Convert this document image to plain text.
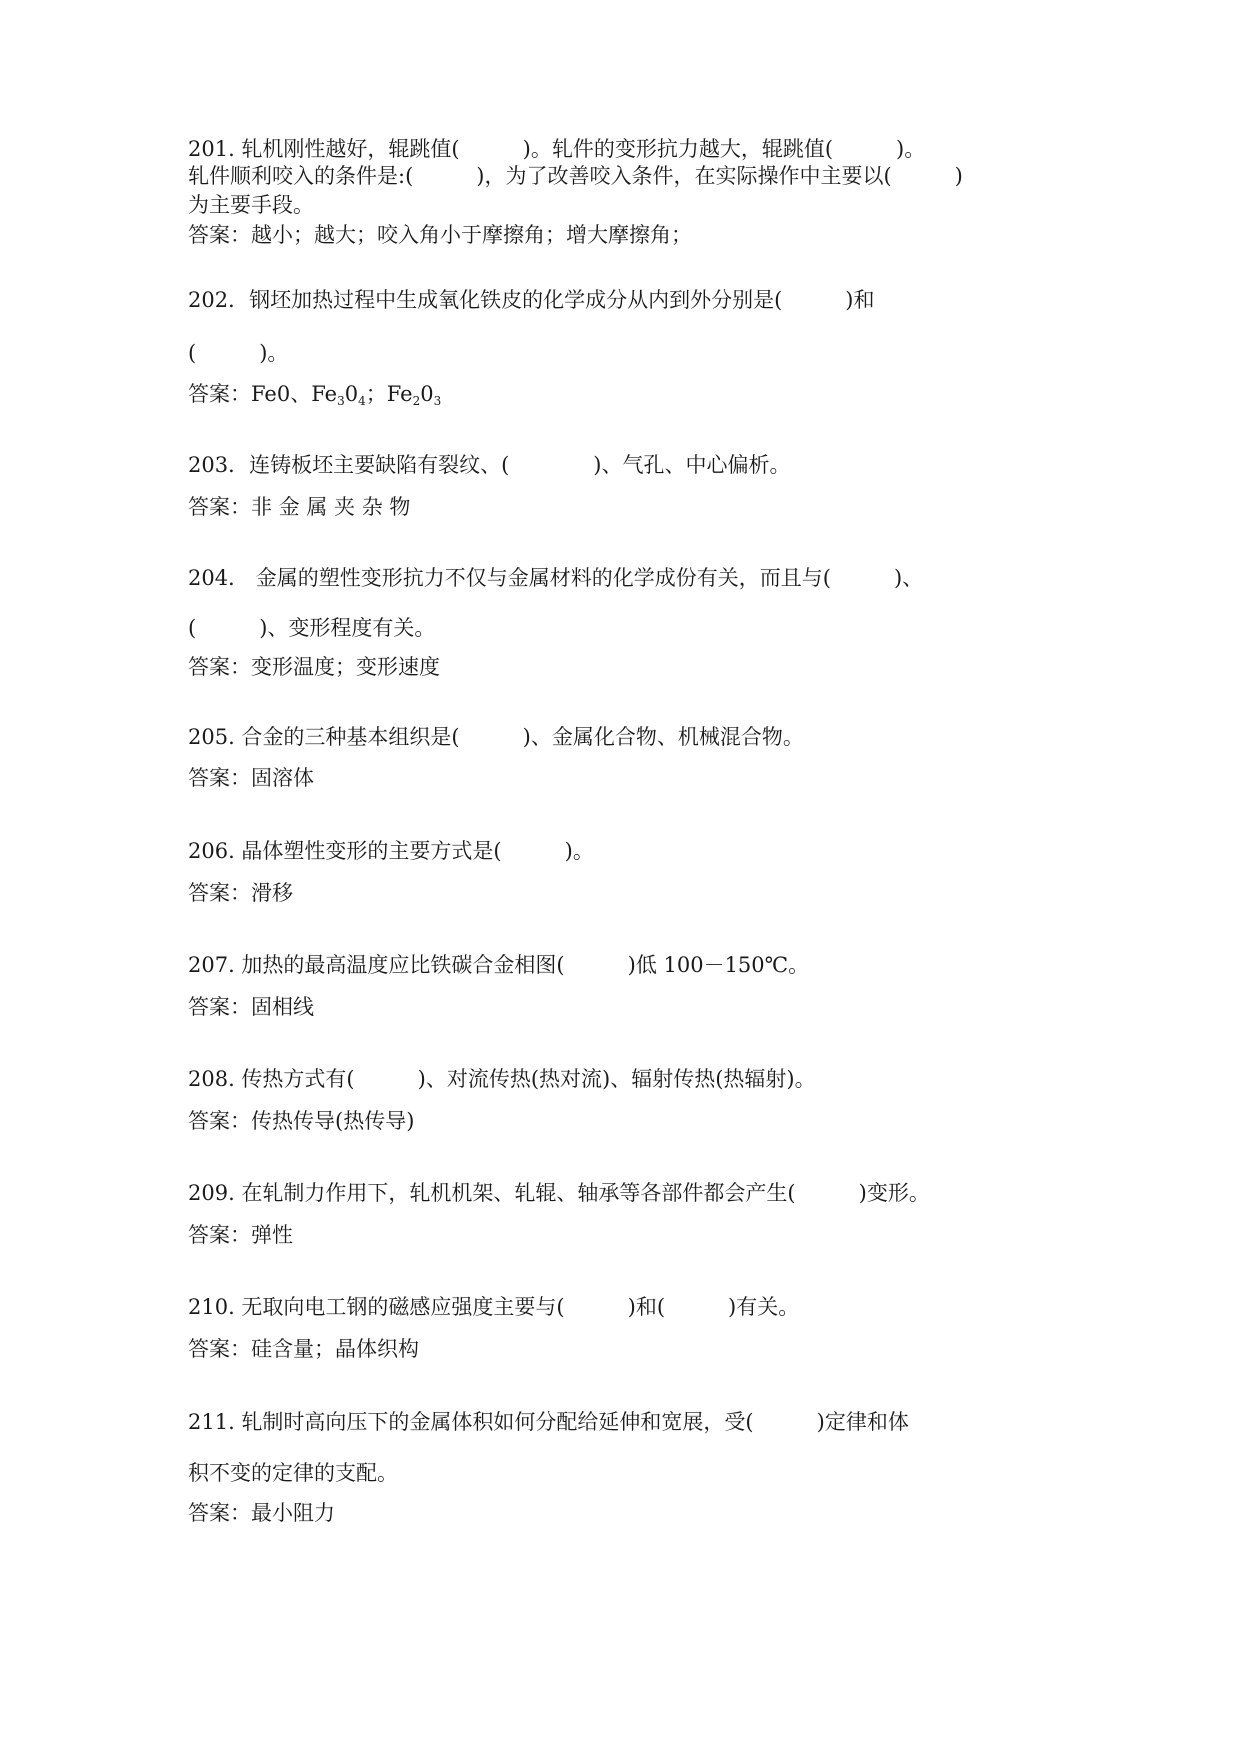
201. 轧机刚性越好，辊跳值(　　　)。轧件的变形抗力越大，辊跳值(　　　)。
轧件顺利咬入的条件是:(　　　)，为了改善咬入条件，在实际操作中主要以(　　　)
为主要手段。
答案：越小；越大；咬入角小于摩擦角；增大摩擦角；
202．钢坯加热过程中生成氧化铁皮的化学成分从内到外分别是(　　　)和
(　　　)。
答案：Fe0、$Fe_30_4$；$Fe_20_3$
203．连铸板坯主要缺陷有裂纹、(　　　　)、气孔、中心偏析。
答案：非 金 属 夹 杂 物
204． 金属的塑性变形抗力不仅与金属材料的化学成份有关，而且与(　　　)、
(　　　)、变形程度有关。
答案：变形温度；变形速度
205. 合金的三种基本组织是(　　　)、金属化合物、机械混合物。
答案：固溶体
206. 晶体塑性变形的主要方式是(　　　)。
答案：滑移
207. 加热的最高温度应比铁碳合金相图(　　　)低 100－150℃。
答案：固相线
208. 传热方式有(　　　)、对流传热(热对流)、辐射传热(热辐射)。
答案：传热传导(热传导)
209. 在轧制力作用下，轧机机架、轧辊、轴承等各部件都会产生(　　　)变形。
答案：弹性
210. 无取向电工钢的磁感应强度主要与(　　　)和(　　　)有关。
答案：硅含量；晶体织构
211. 轧制时高向压下的金属体积如何分配给延伸和宽展，受(　　　)定律和体
积不变的定律的支配。
答案：最小阻力
